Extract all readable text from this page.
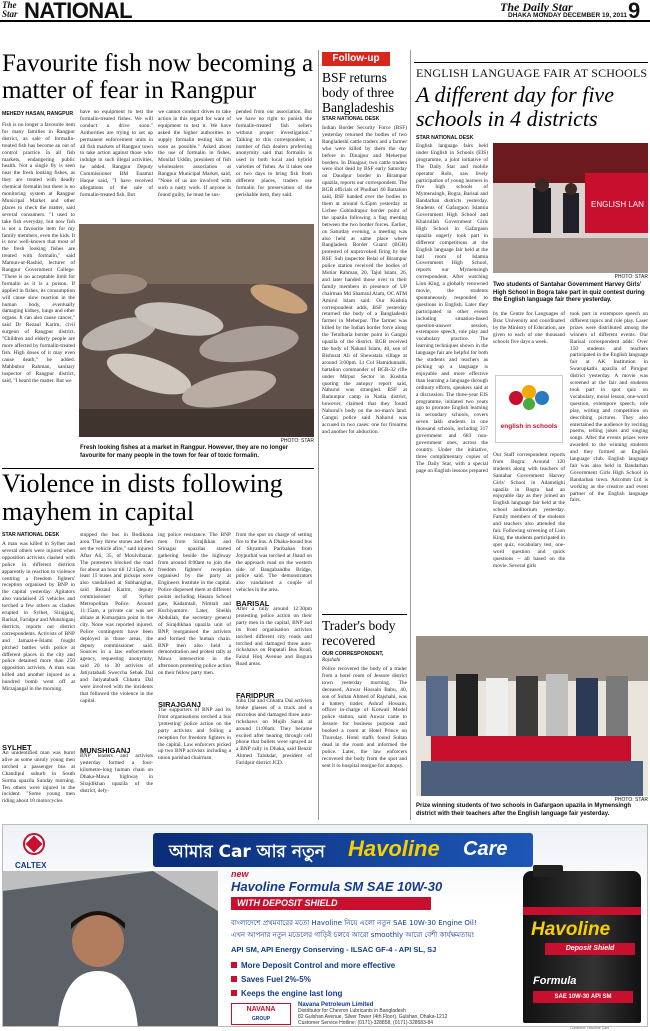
The Star NATIONAL	The Daily Star
DHAKA MONDAY DECEMBER 19, 2011 9
Favourite fish now becoming a matter of fear in Rangpur
MEHEDY HASAN, RANGPUR
Fish is no longer a favourite item for many families in Rangpur district, as sale of formalin-treated fish has become an out of control practice in all fish markets, endangering public health. Not a single fly is seen near the fresh looking fishes, as they are treated with deadly chemical formalin but there is no monitoring system at Rangpur Municipal Market and other places to check the matter, said several consumers. "I used to take fish everyday, but now fish is not a favourite item for my family members, even the kids. It is now well-known that most of the fresh looking fishes are treated with formalin," said Mamun-ur-Rashid, lecturer of Rangpur Government College. "There is no acceptable limit for formalin as it is a poison. If applied in fishes, its consumption will cause slow reaction in the human body, eventually damaging kidney, lungs and other organs. It can also cause cancer," said Dr Rezaul Karim, civil surgeon of Rangpur district. "Children and elderly people are more affected by formalin-treated fish. High doses of it may even cause death," he added. Mahbubur Rahman, sanitary inspector of Rangpur district, said, "I heard the matter. But we
have no equipment to test the formalin-treated fishes. We will conduct a drive soon." Authorities are trying to set up permanent enforcement units in all fish markets of Rangpur town to take action against those who indulge in such illegal activities, he added. Rangpur Deputy Commissioner BM Enamul Haque said, "I have received allegations of the sale of formalin-treated fish. But
we cannot conduct drives to take action in this regard for want of equipment to test it. We have asked the higher authorities to supply formalin testing kits as soon as possible." Asked about the use of formalin in fishes, Monilal Uddin, president of fish wholesalers association at Rangpur Municipal Market, said, "None of us are involved with such a nasty work. If anyone is found guilty, he must be sus-
pended from our association. But we have no right to punish the formalin-treated fish sellers without proper investigation." Talking to this correspondent, a number of fish dealers preferring anonymity said that formalin is used in both local and hybrid varieties of fishes. As it takes one or two days to bring fish from different places, traders use formalin for preservation of the perishable item, they said.
PHOTO: STAR
Fresh looking fishes at a market in Rangpur. However, they are no longer favourite for many people in the town for fear of toxic formalin.
Violence in dists following mayhem in capital
STAR NATIONAL DESK
A man was killed in Sylhet and several others were injured when opposition activists clashed with police in different districts apparently in reaction to violence centring a freedom fighters' reception organised by BNP in the capital yesterday. Agitators also vandalised 25 vehicles and torched a few others as clashes erupted in Sylhet, Sirajganj, Barisal, Faridpur and Munshiganj districts, reports our district correspondents. Activists of BNP and Jamaat-e-Islami fought pitched battles with police at different places in the city and police detained more than 250 opposition activists. A man was killed and another injured as a hundred bomb went off at Mirzajangal in the morning.
SYLHET
An unidentified man was burnt alive as some unruly young men torched a passenger bus at Chandipul suburb in South Surma upazila Sunday morning. Ten others were injured in the incident. "Some young men riding about 10 motorcycles
stopped the bus in Bodikona area. They threw stones and then set the vehicle afire," said injured Aftar Ali, 35, of Moulvibazar. The protesters blocked the road for about an hour till 12:15pm. At least 15 buses and pickups were also vandalised at Subhanighat, said Rezaul Karim, deputy commissioner of Sylhet Metropolitan Police. Around 11:15am, a private car was set ablaze at Kumarpara point in the city. None was reported injured. Police contingents have been deployed in those areas, the deputy commissioner said. Sources in a law enforcement agency, requesting anonymity, said 20 to 30 activists of Jatiyatabadi Sweccha Sebak Dal and Jatiyatabadi Chhatra Dal were involved with the incidents that followed the violence in the capital.
MUNSHIGANJ
BNP leaders and activists yesterday formed a four-kilometre-long human chain on Dhaka-Mawa highway in Sirajdikhan upazila of the district, defy-
ing police resistance. The BNP men from Sirajikhan and Srinagar upazilas started gathering beside the highway from around 8:00am to join the freedom fighters' reception organised by the party at Engineers Institute in the capital. Police dispersed them at different points including Hasara School gate, Kadamtali, Nimtali and Kuchiyamore. Later, Sheikh Abdullah, the secretary general of Sirajdikhan upazila unit of BNP, reorganised the activists and formed the human chain. BNP men also held a demonstration and protest rally at Mawa intersection in the afternoon protesting police action on their fellow party men.
SIRAJGANJ
The supporters of BNP and its front organisations torched a bus 'protesting' police action on the party activists and foiling a reception for freedom fighters in the capital. Law enforcers picked up two BNP activists including a union parishad chairman
from the spot on charge of setting fire to the bus. A Dhaka-bound bus of Shyamoli Paribahan from Joypurhat was torched at Jhaud on the approach road on the western side of Bangabandhu Bridge, police said. The demonstrators also vandalised a couple of vehicles in the area.
BARISAL
After a rally around 12:30pm protesting police action on their party men in the capital, BNP and its front organisation activists torched different city roads and torched and damaged three auto-rickshaws on Rupatali Bus Road, Faizul Hoq Avenue and Bogura Road areas.
FARIDPUR
Jubo Dal and Chhatra Dal activists broke glasses of a truck and a microbus and damaged three auto-rickshaws on Mujib Sarak at around 11:00am. They became excited after hearing through cell phone that bullets were sprayed at a BNP rally in Dhaka, said Benzir Ahmed Talukdar, president of Faridpur district JCD.
Follow-up
BSF returns body of three Bangladeshis
STAR NATIONAL DESK
Indian Border Security Force (BSF) yesterday returned the bodies of two Bangladeshi cattle traders and a farmer who were killed by them the day before in Dinajpur and Meherpur borders. In Dinajpur, two cattle traders were shot dead by BSF early Saturday on Daudpur border in Birampur upazila, reports our correspondent. The BGB officials of Phulbari 40 Battalion said, BSF handed over the bodies to them at around 6.45pm yesterday at Lichee Gobindrapur border point of the upazila following a flag meeting between the two border forces. Earlier, on Saturday evening, a meeting was also held at same place where Bangladesh Border Guard (BGB) protested of unprovoked firing by the BSF. Sub inspector Belal of Birampur police station received the bodies of Motiar Rahman, 20, Tajul Islam, 26, and later handed those over to their family members in presence of UP chairman Md Shamsul Alam, OC ATM Amirul Islam said. Our Kushtia correspondent adds, BSF yesterday returned the body of a Bangladeshi farmer in Meherpur. The farmer was killed by the Indian border force along the Tetulbaria border point in Gangni upazila of the district. BGB received the body of Nahaul Islam, 40, son of Bishurat Ali of Shewatala village at around 3:00pm. Lt Col Hamidunnabi, battalion commander of BGB-32 rifle under Mirpur Sector in Kushtia quoting the autopsy report said, Nahurul was strangled. BSF at Bamunpur camp in Nadia district, however, claimed that they found Nahurul's body on the no-man's land. Gangni police said Nahurul was accused in two cases: one for firearms and another for abduction.
Trader's body recovered
OUR CORRESPONDENT,
Rajshahi
Police recovered the body of a trader from a hotel room of Jessore district town yesterday morning. The deceased, Anwar Hossain Babu, 40, son of Sultan Ahmed of Rajshahi, was a battery trader. Ashraf Hossain, officer in-charge of Kotwali Model police station, said Anwar came to Jessore for business purpose and booked a room at Hotel Prince on Thursday. Hotel staffs found Sultan dead in the room and informed the police. Later, the law enforcers recovered the body from the spot and sent it to hospital morgue for autopsy.
ENGLISH LANGUAGE FAIR AT SCHOOLS
A different day for five schools in 4 districts
STAR NATIONAL DESK
English language fairs held under English in Schools (EIS) programme, a joint initiative of The Daily Star and mobile operator Robi, saw lively participation of young learners in five high schools of Mymensingh, Bogra, Barisal and Bandarban districts yesterday. Students of Gafargaon Islamia Government High School and Khairullah Government Girls High School in Gafargaon upazila eagerly took part in different competitions at the English language fair held at the hall room of Islamia Government High School, reports our Mymensingh correspondent. After watching Lion King, a globally renowned movie, the students spontaneously responded to questions in English. Later they participated in other events including situation-based question-answer session, extempore speech, role play and vocabulary practice. The learning techniques shown in the language fair are helpful for both the students and teachers as picking up a language is enjoyable and more effective than learning a language through ordinary efforts, speakers said at a discussion. The three-year EIS programme, initiated two years ago to promote English learning in secondary schools, covers seven lakh students in one thousand schools, including 317 government and 683 non-government ones, across the country. Under the initiative, three complimentary copies of The Daily Star, with a special page on English lessons prepared
ENGLISH LAN
PHOTO: STAR
Two students of Santahar Government Harvey Girls' High School in Bogra take part in quiz contest during the English language fair there yesterday.
by the Centre for Languages of Brac University and coordinated by the Ministry of Education, are given to each of one thousand schools five days a week.
english in schools
Our Staff correspondent reports from Bogra: Around 120 students along with teachers of Santahar Government Harvey Girls' School in Adamdighi upazila in Bogra had an enjoyable day as they joined an English language fair held at the school auditorium yesterday. Family members of the students and teachers also attended the fair. Following screening of Lion King, the students participated in spot quiz, vocabulary test, one-word question and quick questions -- all based on the movie. Several girls
took part in extempore speech on different topics and role play. Laser prizes were distributed among the winners of different events. Our Barisal correspondent adds: Over 150 students and teachers participated in the English language fair at AK Institution in Swarupkathi upazila of Pirojpur district yesterday. A movie was screened at the fair and students took part in spot quiz on vocabulary, moral lesson, one-word question, extempore speech, role play, writing and competition on describing pictures. They also entertained the audience by reciting poems, telling jokes and singing songs. After the events prizes were awarded to the winning students and they formed an English language club. English language fair was also held in Bandarban Government Girls High School in Bandarban town. Adcomm Ltd is working as the creative and event partner of the English language fairs.
PHOTO: STAR
Prize winning students of two schools in Gafargaon upazila in Mymensingh district with their teachers after the English language fair yesterday.
CALTEX
আমার Car আর নতুন Havoline Care
new
Havoline Formula SM SAE 10W-30
WITH DEPOSIT SHIELD
বাংলাদেশে প্রথমবারের মতো Havoline নিয়ে এলো নতুন SAE 10W-30 Engine Oil!
এখন আপনার নতুন মডেলের গাড়িই চলবে আরো smoothly আরো বেশী কার্যক্ষমতায়!
API SM, API Energy Conserving - ILSAC GF-4 - API SL, SJ
More Deposit Control and more effective
Saves Fuel 2%-5%
Keeps the engine last long
NAVANA
GROUP
Navana Petroleum Limited
Distributor for Chevron Lubricants in Bangladesh
82 Gulshan Avenue, Silver Tower (4th Floor), Gulshan, Dhaka-1212
Customer Service Hotline: (0171)-328858, (0171)-328583-84
Havoline
Deposit Shield
Formula
SAE 10W-30 API SM
Comment: Havoline Care
